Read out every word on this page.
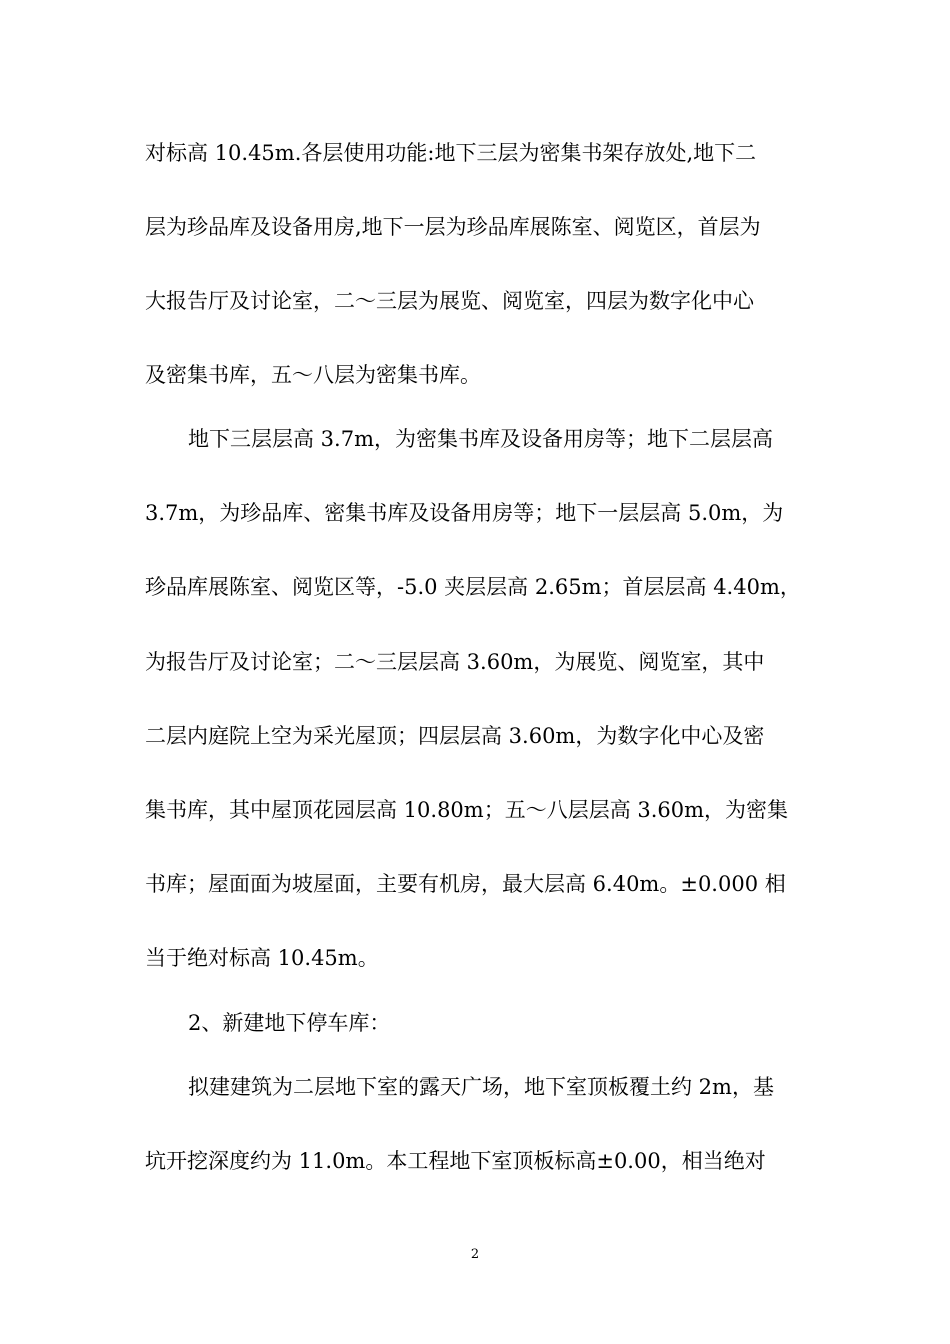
对标高 10.45m.各层使用功能:地下三层为密集书架存放处,地下二
层为珍品库及设备用房,地下一层为珍品库展陈室、阅览区，首层为
大报告厅及讨论室，二～三层为展览、阅览室，四层为数字化中心
及密集书库，五～八层为密集书库。
地下三层层高 3.7m，为密集书库及设备用房等；地下二层层高
3.7m，为珍品库、密集书库及设备用房等；地下一层层高 5.0m，为
珍品库展陈室、阅览区等，-5.0 夹层层高 2.65m；首层层高 4.40m，
为报告厅及讨论室；二～三层层高 3.60m，为展览、阅览室，其中
二层内庭院上空为采光屋顶；四层层高 3.60m，为数字化中心及密
集书库，其中屋顶花园层高 10.80m；五～八层层高 3.60m，为密集
书库；屋面面为坡屋面，主要有机房，最大层高 6.40m。±0.000 相
当于绝对标高 10.45m。
2、新建地下停车库：
拟建建筑为二层地下室的露天广场，地下室顶板覆土约 2m，基
坑开挖深度约为 11.0m。本工程地下室顶板标高±0.00，相当绝对
2
